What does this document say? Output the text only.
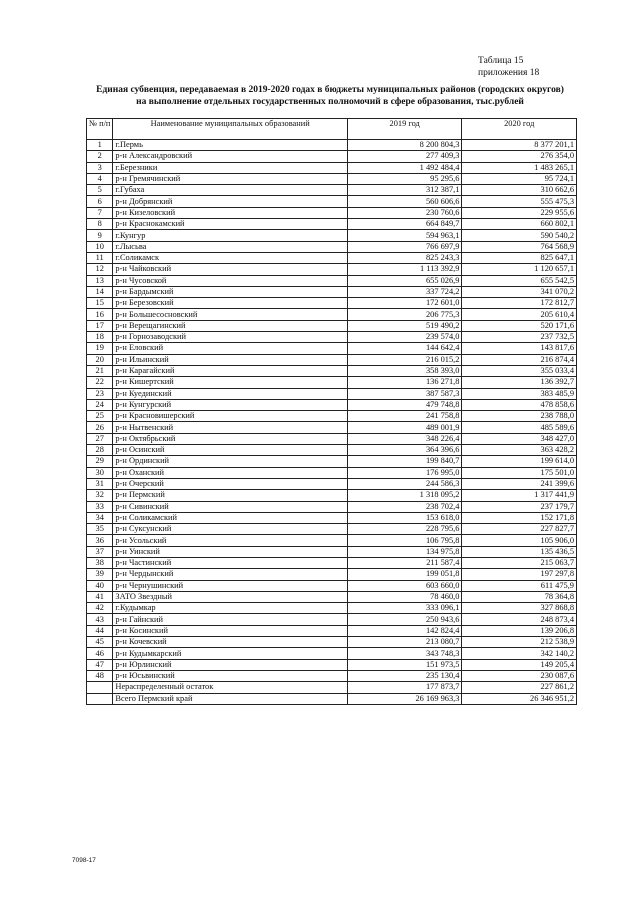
Таблица 15
приложения 18
Единая субвенция, передаваемая в 2019-2020 годах в бюджеты муниципальных районов (городских округов)
на выполнение отдельных государственных полномочий в сфере образования, тыс.рублей
№ п/п	Наименование муниципальных образований	2019 год	2020 год
1	г.Пермь	8 200 804,3	8 377 201,1
2	р-н Александровский	277 409,3	276 354,0
3	г.Березники	1 492 484,4	1 483 265,1
4	р-н Гремячинский	95 295,6	95 724,1
5	г.Губаха	312 387,1	310 662,6
6	р-н Добрянский	560 606,6	555 475,3
7	р-н Кизеловский	230 760,6	229 955,6
8	р-н Краснокамский	664 849,7	660 802,1
9	г.Кунгур	594 963,1	590 540,2
10	г.Лысьва	766 697,9	764 568,9
11	г.Соликамск	825 243,3	825 647,1
12	р-н Чайковский	1 113 392,9	1 120 657,1
13	р-н Чусовской	655 026,9	655 542,5
14	р-н Бардымский	337 724,2	341 070,2
15	р-н Березовский	172 601,0	172 812,7
16	р-н Большесосновский	206 775,3	205 610,4
17	р-н Верещагинский	519 490,2	520 171,6
18	р-н Горнозаводский	239 574,0	237 732,5
19	р-н Еловский	144 642,4	143 817,6
20	р-н Ильинский	216 015,2	216 874,4
21	р-н Карагайский	358 393,0	355 033,4
22	р-н Кишертский	136 271,8	136 392,7
23	р-н Куединский	387 587,3	383 485,9
24	р-н Кунгурский	479 748,8	478 858,6
25	р-н Красновишерский	241 758,8	238 788,0
26	р-н Нытвенский	489 001,9	485 589,6
27	р-н Октябрьский	348 226,4	348 427,0
28	р-н Осинский	364 396,6	363 428,2
29	р-н Ординский	199 840,7	199 614,0
30	р-н Оханский	176 995,0	175 501,0
31	р-н Очерский	244 586,3	241 399,6
32	р-н Пермский	1 318 095,2	1 317 441,9
33	р-н Сивинский	238 702,4	237 179,7
34	р-н Соликамский	153 618,0	152 171,8
35	р-н Суксунский	228 795,6	227 827,7
36	р-н Усольский	106 795,8	105 906,0
37	р-н Уинский	134 975,8	135 436,5
38	р-н Частинский	211 587,4	215 063,7
39	р-н Чердынский	199 051,8	197 297,8
40	р-н Чернушинский	603 660,0	611 475,9
41	ЗАТО Звездный	78 460,0	78 364,8
42	г.Кудымкар	333 096,1	327 868,8
43	р-н Гайнский	250 943,6	248 873,4
44	р-н Косинский	142 824,4	139 206,8
45	р-н Кочевский	213 080,7	212 538,9
46	р-н Кудымкарский	343 748,3	342 140,2
47	р-н Юрлинский	151 973,5	149 205,4
48	р-н Юсьвинский	235 130,4	230 087,6
	Нераспределенный остаток	177 873,7	227 861,2
	Всего Пермский край	26 169 963,3	26 346 951,2
7098-17
